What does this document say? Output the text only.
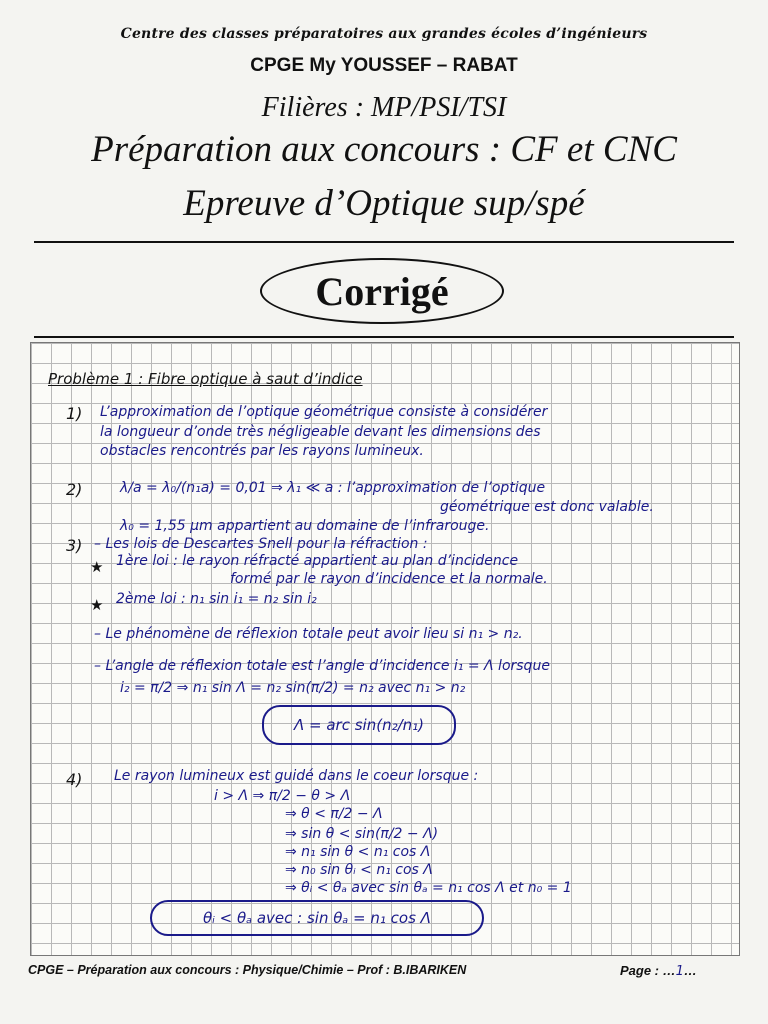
Centre des classes préparatoires aux grandes écoles d’ingénieurs
CPGE My YOUSSEF – RABAT
Filières : MP/PSI/TSI
Préparation aux concours : CF et CNC
Epreuve d’Optique sup/spé
Corrigé
Problème 1 : Fibre optique à saut d’indice
1) L’approximation de l’optique géométrique consiste à considérer
la longueur d’onde très négligeable devant les dimensions des
obstacles rencontrés par les rayons lumineux.
2)	λ/a = λ₀/(n₁a) = 0,01 ⇒ λ₁ ≪ a : l’approximation de l’optique
géométrique est donc valable.
λ₀ = 1,55 μm appartient au domaine de l’infrarouge.
3) – Les lois de Descartes Snell pour la réfraction :
★ 1ère loi : le rayon réfracté appartient au plan d’incidence
formé par le rayon d’incidence et la normale.
★ 2ème loi : n₁ sin i₁ = n₂ sin i₂
– Le phénomène de réflexion totale peut avoir lieu si n₁ > n₂.
– L’angle de réflexion totale est l’angle d’incidence i₁ = Λ lorsque
i₂ = π/2 ⇒ n₁ sin Λ = n₂ sin(π/2) = n₂ avec n₁ > n₂
Λ = arc sin(n₂/n₁)
4) Le rayon lumineux est guidé dans le coeur lorsque :
i > Λ ⇒ π/2 − θ > Λ
⇒ θ < π/2 − Λ
⇒ sin θ < sin(π/2 − Λ)
⇒ n₁ sin θ < n₁ cos Λ
⇒ n₀ sin θᵢ < n₁ cos Λ
⇒ θᵢ < θₐ avec sin θₐ = n₁ cos Λ et n₀ = 1
θᵢ < θₐ avec : sin θₐ = n₁ cos Λ
CPGE – Préparation aux concours : Physique/Chimie – Prof : B.IBARIKEN	Page : …1…
